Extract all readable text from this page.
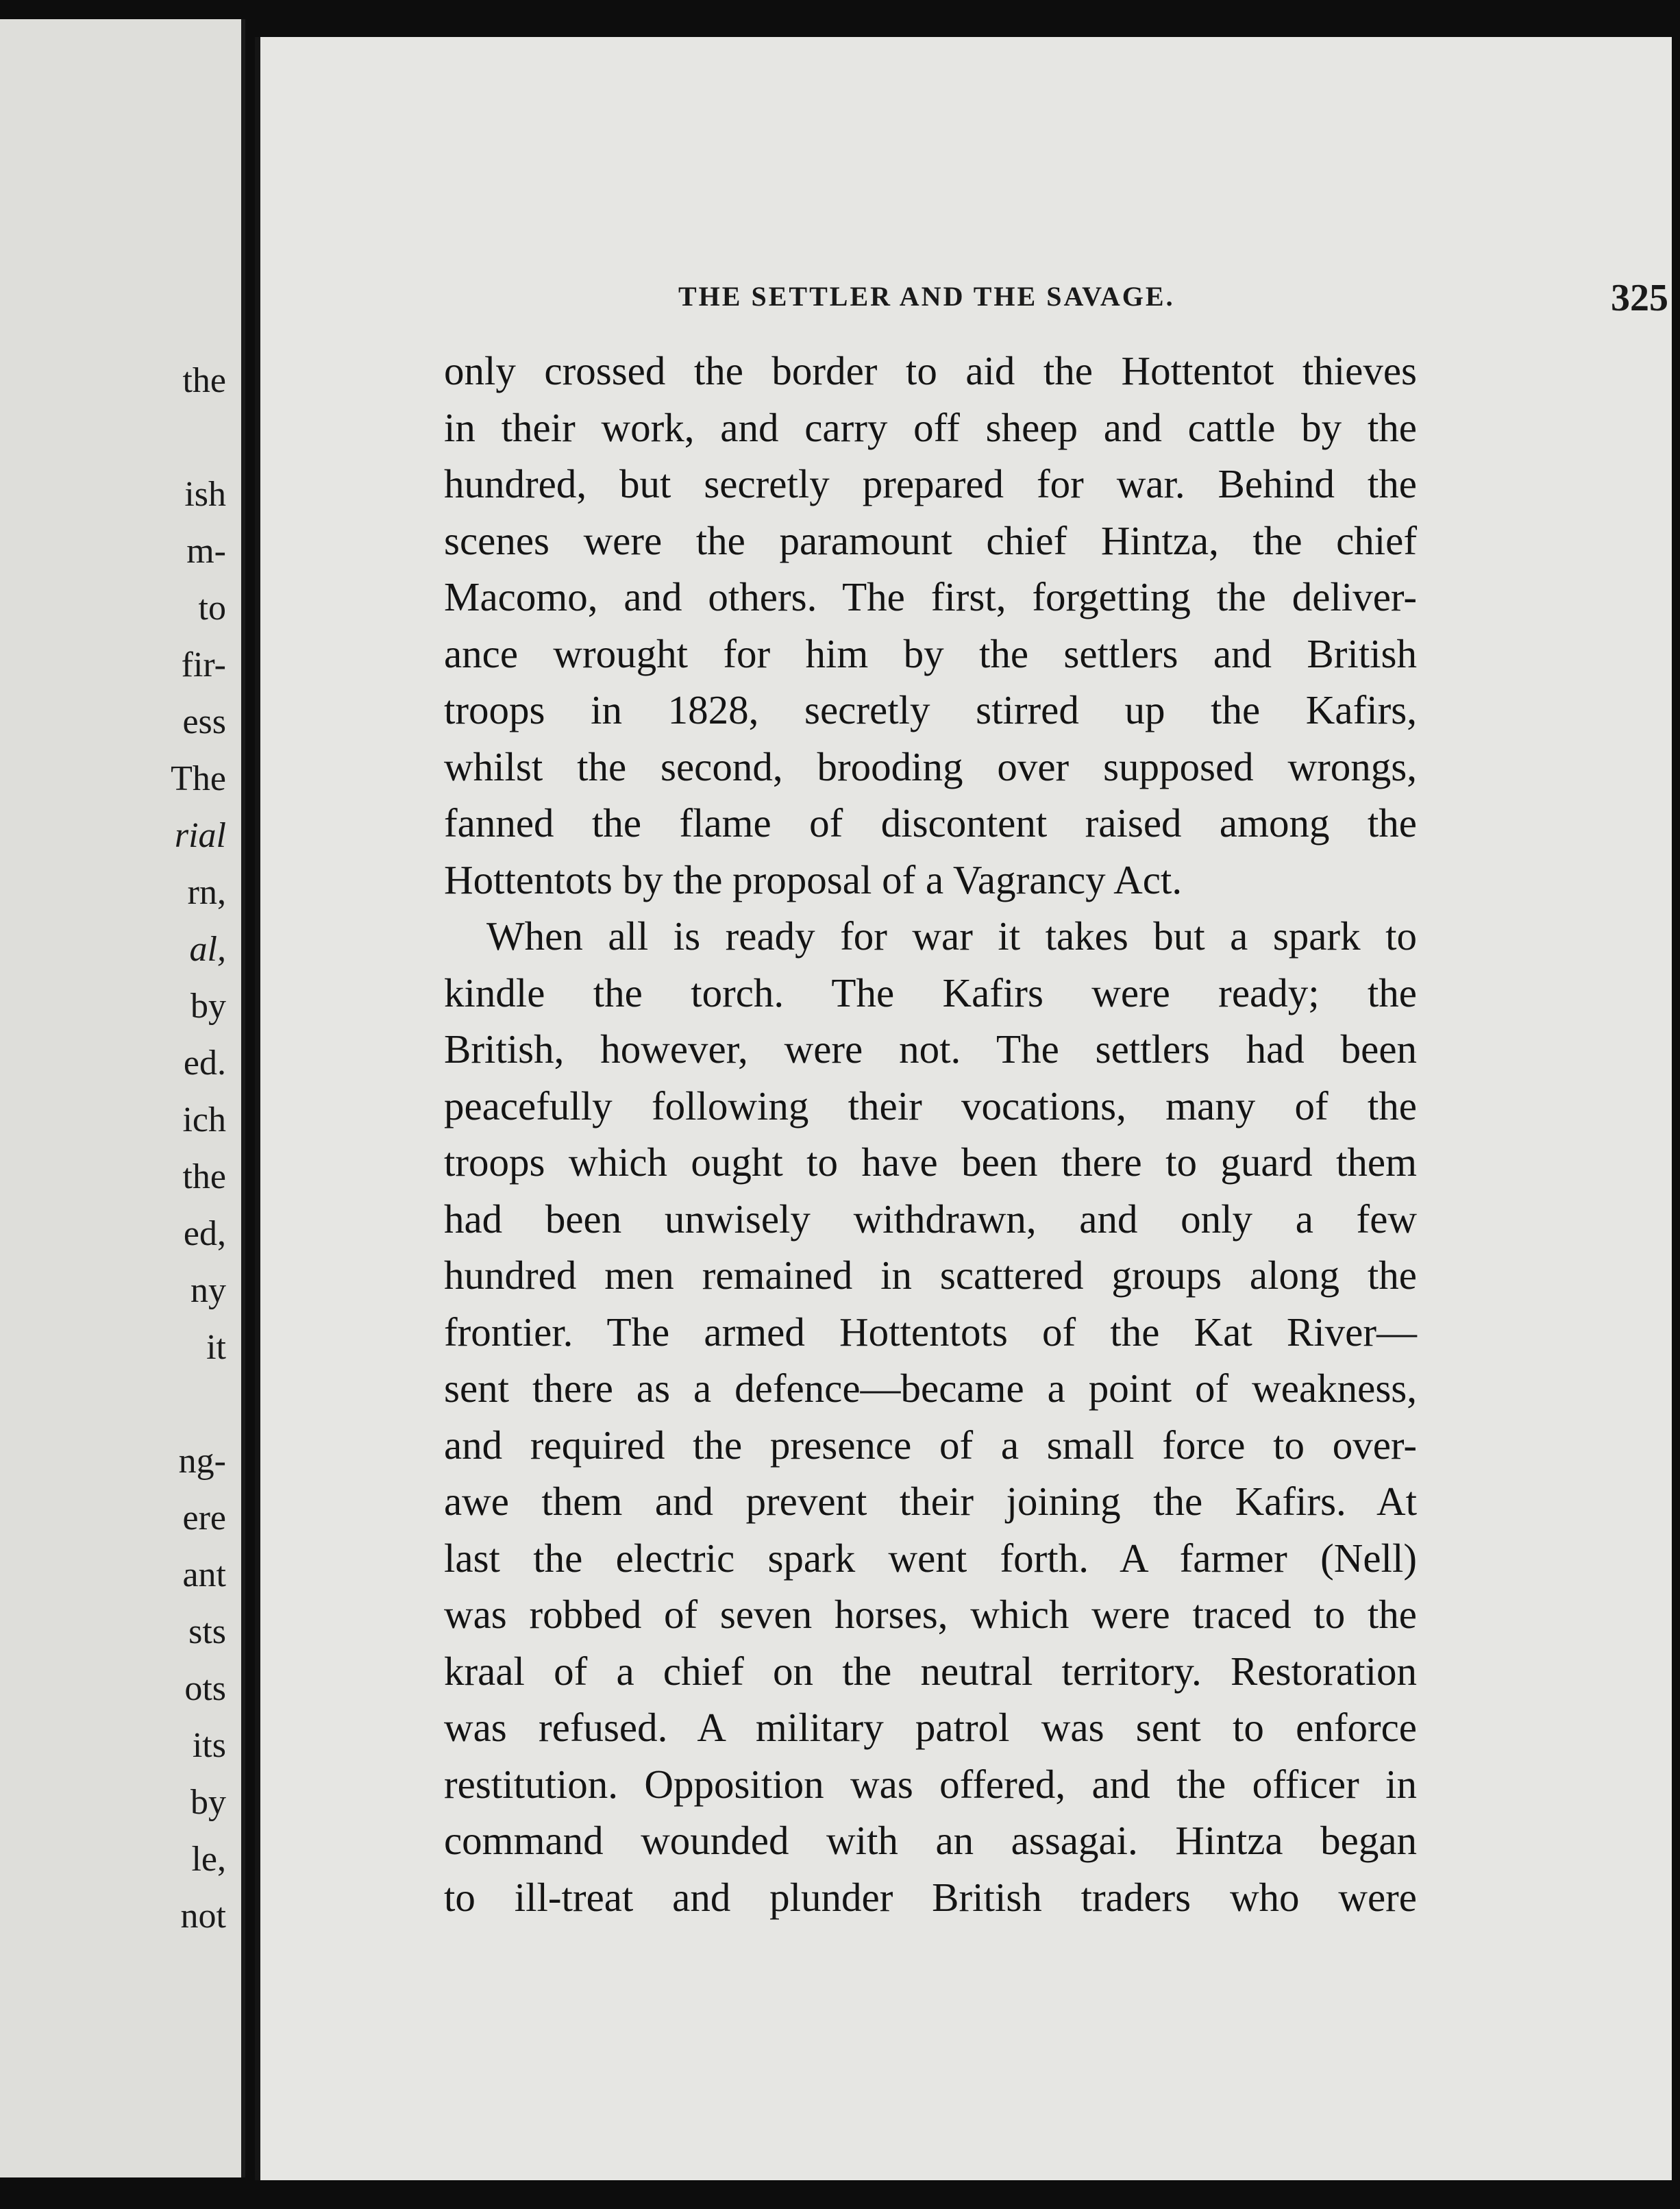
the
ish
m-
to
fir-
ess
The
rial
rn,
al,
by
ed.
ich
the
ed,
ny
it
ng-
ere
ant
sts
ots
its
by
le,
not
THE SETTLER AND THE SAVAGE.	325
only crossed the border to aid the Hottentot thieves
in their work, and carry off sheep and cattle by the
hundred, but secretly prepared for war. Behind the
scenes were the paramount chief Hintza, the chief
Macomo, and others. The first, forgetting the deliver-
ance wrought for him by the settlers and British
troops in 1828, secretly stirred up the Kafirs,
whilst the second, brooding over supposed wrongs,
fanned the flame of discontent raised among the
Hottentots by the proposal of a Vagrancy Act.
When all is ready for war it takes but a spark to
kindle the torch. The Kafirs were ready; the
British, however, were not. The settlers had been
peacefully following their vocations, many of the
troops which ought to have been there to guard them
had been unwisely withdrawn, and only a few
hundred men remained in scattered groups along the
frontier. The armed Hottentots of the Kat River—
sent there as a defence—became a point of weakness,
and required the presence of a small force to over-
awe them and prevent their joining the Kafirs. At
last the electric spark went forth. A farmer (Nell)
was robbed of seven horses, which were traced to the
kraal of a chief on the neutral territory. Restoration
was refused. A military patrol was sent to enforce
restitution. Opposition was offered, and the officer in
command wounded with an assagai. Hintza began
to ill-treat and plunder British traders who were
